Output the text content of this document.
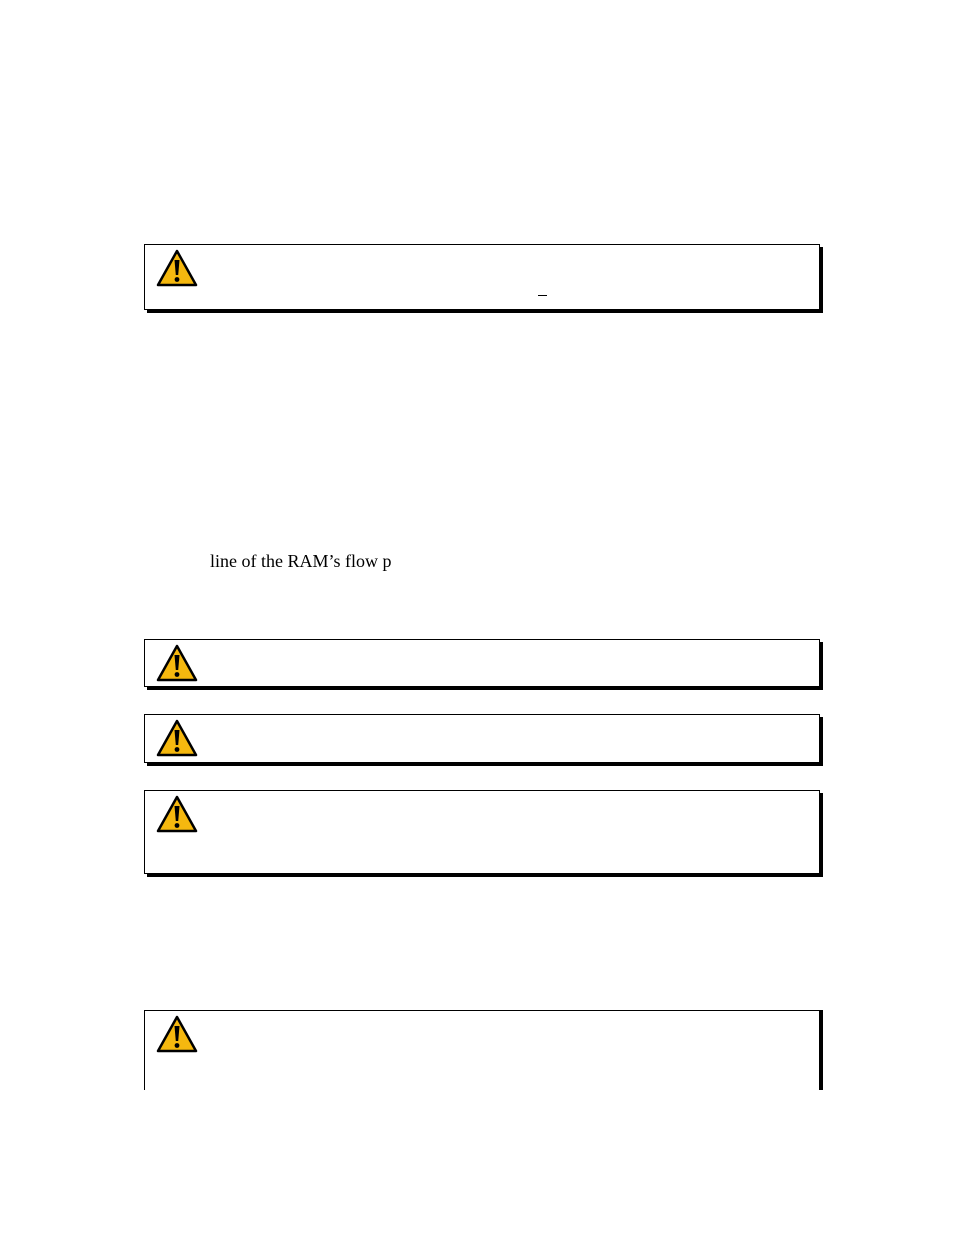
line of the RAM’s flow p
